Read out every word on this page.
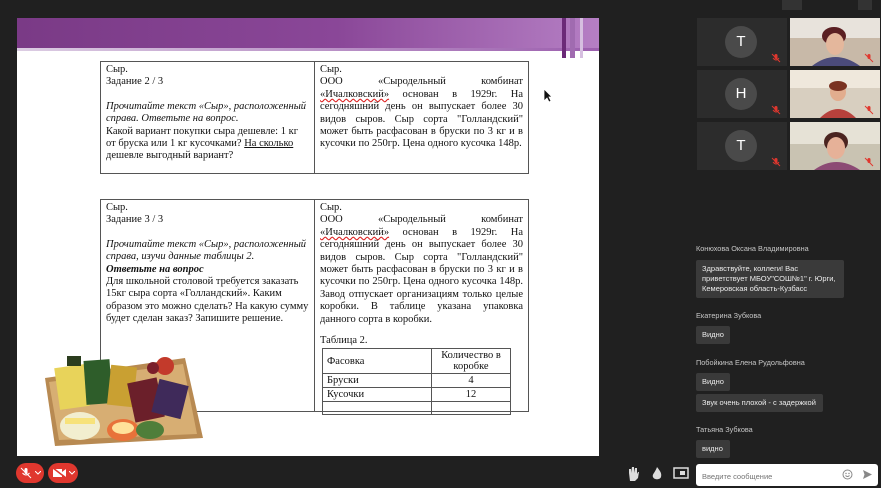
Сыр.

Задание 2 / 3

Прочитайте текст «Сыр», расположенный справа. Ответьте на вопрос.

Какой вариант покупки сыра дешевле: 1 кг от бруска или 1 кг кусочками? На сколько дешевле выгодный вариант?

Сыр.

ООО «Сыродельный комбинат «Ичалковский» основан в 1929г. На сегодняшний день он выпускает более 30 видов сыров. Сыр сорта "Голландский" может быть расфасован в бруски по 3 кг и в кусочки по 250гр. Цена одного кусочка 148р.

Сыр.

Задание 3 / 3

Прочитайте текст «Сыр», расположенный справа, изучи данные таблицы 2.

Ответьте на вопрос

Для школьной столовой требуется заказать 15кг сыра сорта «Голландский». Каким образом это можно сделать? На какую сумму будет сделан заказ? Запишите решение.

Сыр.

ООО «Сыродельный комбинат «Ичалковский» основан в 1929г. На сегодняшний день он выпускает более 30 видов сыров. Сыр сорта "Голландский" может быть расфасован в бруски по 3 кг и в кусочки по 250гр. Цена одного кусочка 148р. Завод отпускает организациям только целые коробки. В таблице указана упаковка данного сорта в коробки.

Таблица 2.

Фасовка	Количество в коробке
Бруски	4
Кусочки	12

Т
Н
Т
Конюхова Оксана Владимировна
Здравствуйте, коллеги! Вас приветствует МБОУ"СОШ№1" г. Юрги, Кемеровская область-Кузбасс
Екатерина Зубкова
Видно
Побойкина Елена Рудольфовна
Видно
Звук очень плохой - с задержкой
Татьяна Зубкова
видно
Введите сообщение
